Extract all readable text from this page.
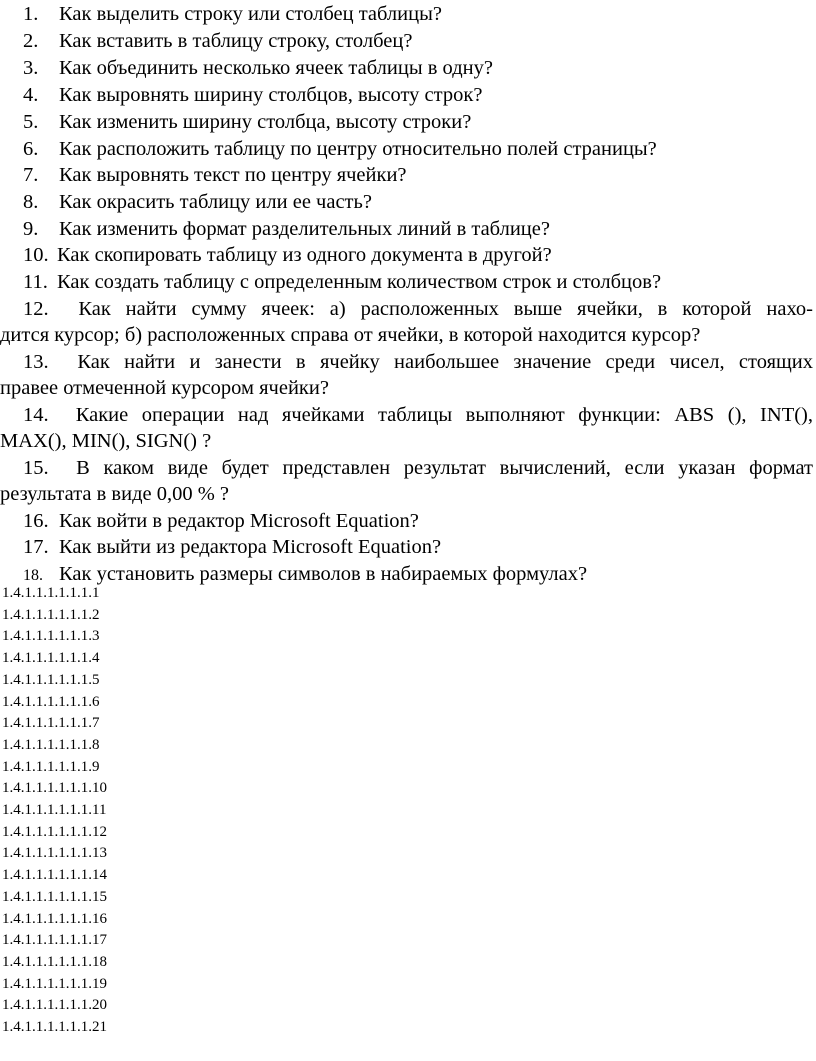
1. Как выделить строку или столбец таблицы?
2. Как вставить в таблицу строку, столбец?
3. Как объединить несколько ячеек таблицы в одну?
4. Как выровнять ширину столбцов, высоту строк?
5. Как изменить ширину столбца, высоту строки?
6. Как расположить таблицу по центру относительно полей страницы?
7. Как выровнять текст по центру ячейки?
8. Как окрасить таблицу или ее часть?
9. Как изменить формат разделительных линий в таблице?
10. Как скопировать таблицу из одного документа в другой?
11. Как создать таблицу с определенным количеством строк и столбцов?
12. Как найти сумму ячеек: а) расположенных выше ячейки, в которой нахо-
дится курсор; б) расположенных справа от ячейки, в которой находится курсор?
13. Как найти и занести в ячейку наибольшее значение среди чисел, стоящих
правее отмеченной курсором ячейки?
14. Какие операции над ячейками таблицы выполняют функции: ABS (), INT(),
MAX(), MIN(), SIGN() ?
15. В каком виде будет представлен результат вычислений, если указан формат
результата в виде 0,00 % ?
16. Как войти в редактор Microsoft Equation?
17. Как выйти из редактора Microsoft Equation?
18. Как установить размеры символов в набираемых формулах?
1.4.1.1.1.1.1.1.1
1.4.1.1.1.1.1.1.2
1.4.1.1.1.1.1.1.3
1.4.1.1.1.1.1.1.4
1.4.1.1.1.1.1.1.5
1.4.1.1.1.1.1.1.6
1.4.1.1.1.1.1.1.7
1.4.1.1.1.1.1.1.8
1.4.1.1.1.1.1.1.9
1.4.1.1.1.1.1.1.10
1.4.1.1.1.1.1.1.11
1.4.1.1.1.1.1.1.12
1.4.1.1.1.1.1.1.13
1.4.1.1.1.1.1.1.14
1.4.1.1.1.1.1.1.15
1.4.1.1.1.1.1.1.16
1.4.1.1.1.1.1.1.17
1.4.1.1.1.1.1.1.18
1.4.1.1.1.1.1.1.19
1.4.1.1.1.1.1.1.20
1.4.1.1.1.1.1.1.21
